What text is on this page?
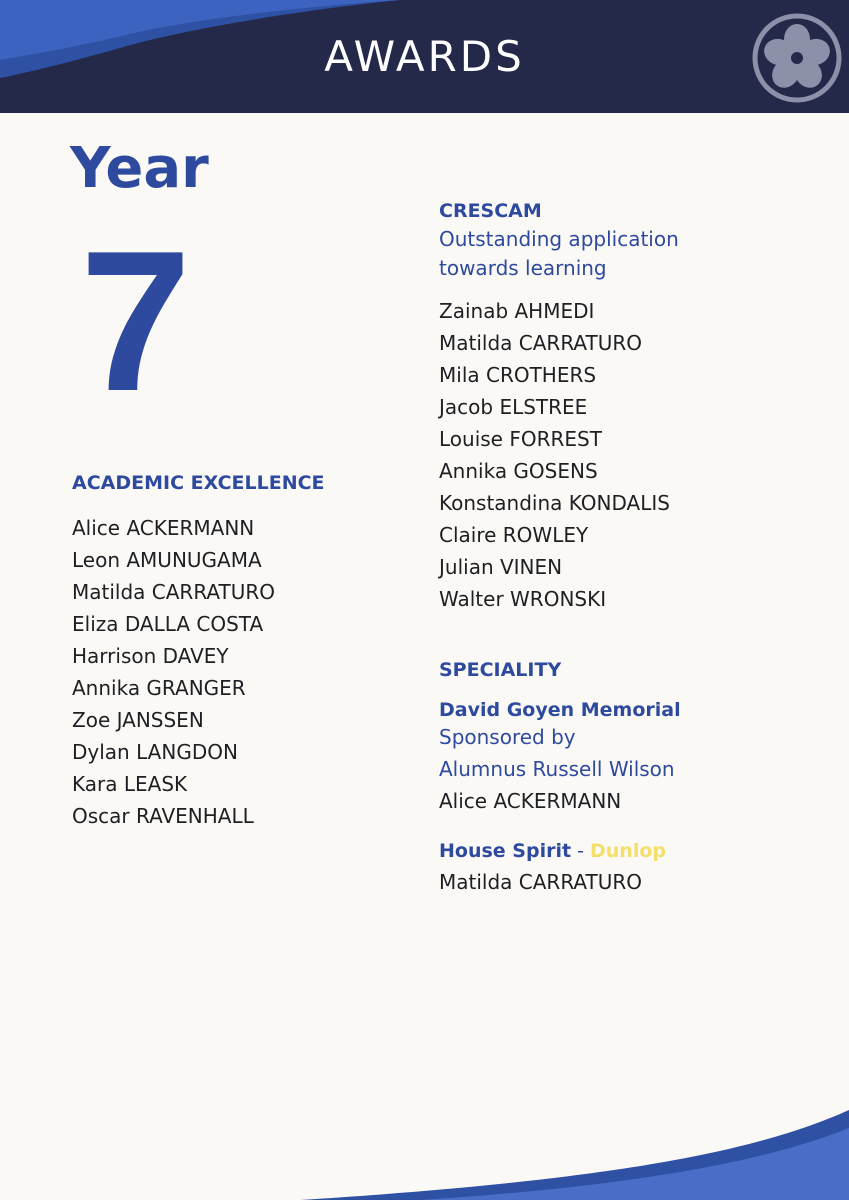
AWARDS
Year
7
ACADEMIC EXCELLENCE
Alice ACKERMANN
Leon AMUNUGAMA
Matilda CARRATURO
Eliza DALLA COSTA
Harrison DAVEY
Annika GRANGER
Zoe JANSSEN
Dylan LANGDON
Kara LEASK
Oscar RAVENHALL
CRESCAM
Outstanding application
towards learning
Zainab AHMEDI
Matilda CARRATURO
Mila CROTHERS
Jacob ELSTREE
Louise FORREST
Annika GOSENS
Konstandina KONDALIS
Claire ROWLEY
Julian VINEN
Walter WRONSKI
SPECIALITY
David Goyen Memorial
Sponsored by
Alumnus Russell Wilson
Alice ACKERMANN
House Spirit - Dunlop
Matilda CARRATURO
